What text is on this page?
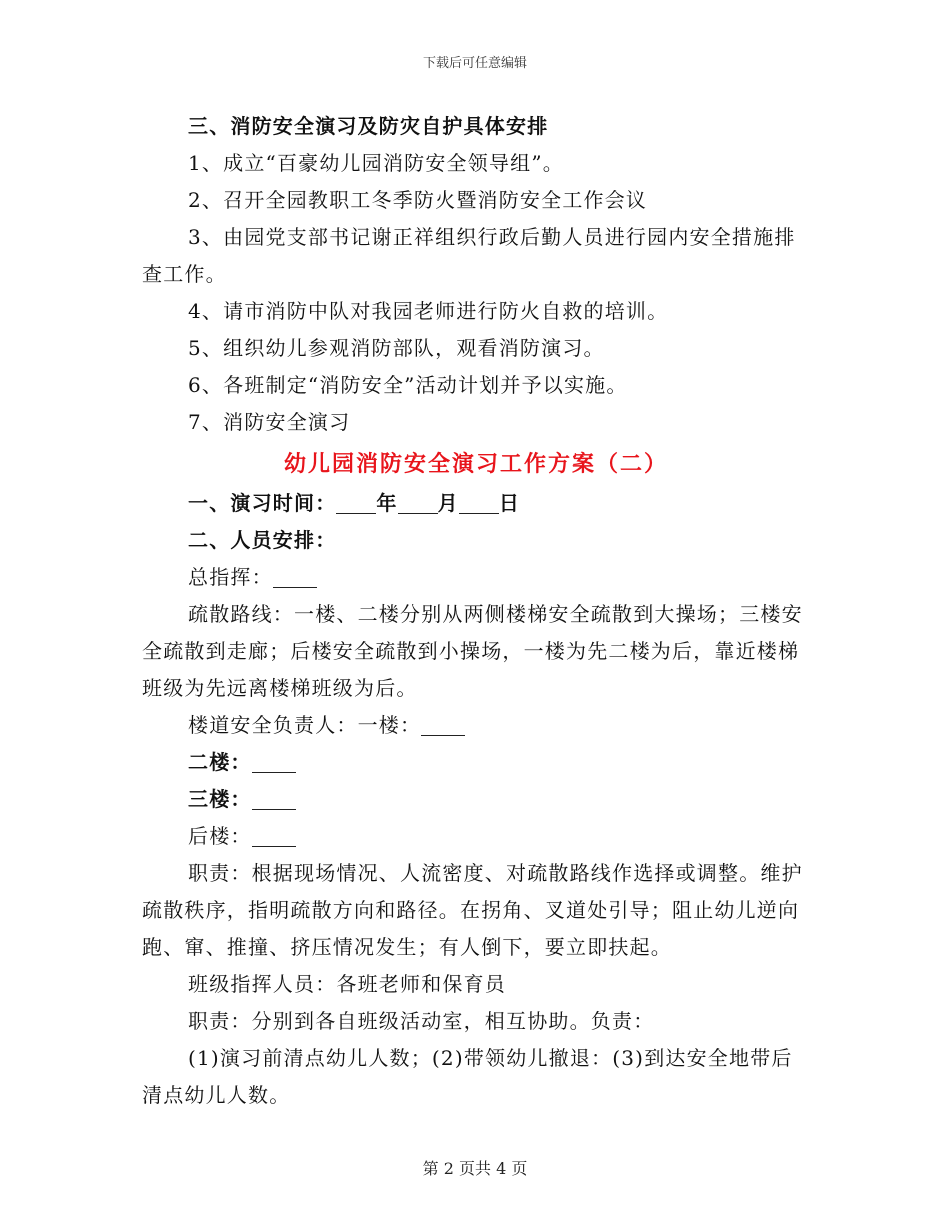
下载后可任意编辑

三、消防安全演习及防灾自护具体安排

1、成立“百豪幼儿园消防安全领导组”。

2、召开全园教职工冬季防火暨消防安全工作会议

3、由园党支部书记谢正祥组织行政后勤人员进行园内安全措施排查工作。

4、请市消防中队对我园老师进行防火自救的培训。

5、组织幼儿参观消防部队，观看消防演习。

6、各班制定“消防安全”活动计划并予以实施。

7、消防安全演习

幼儿园消防安全演习工作方案（二）

一、演习时间： 年 月 日

二、人员安排：

总指挥：

疏散路线：一楼、二楼分别从两侧楼梯安全疏散到大操场；三楼安全疏散到走廊；后楼安全疏散到小操场，一楼为先二楼为后，靠近楼梯班级为先远离楼梯班级为后。

楼道安全负责人：一楼：

二楼：

三楼：

后楼：

职责：根据现场情况、人流密度、对疏散路线作选择或调整。维护疏散秩序，指明疏散方向和路径。在拐角、叉道处引导；阻止幼儿逆向跑、窜、推撞、挤压情况发生；有人倒下，要立即扶起。

班级指挥人员：各班老师和保育员

职责：分别到各自班级活动室，相互协助。负责：

(1)演习前清点幼儿人数；(2)带领幼儿撤退：(3)到达安全地带后清点幼儿人数。

第 2 页共 4 页
